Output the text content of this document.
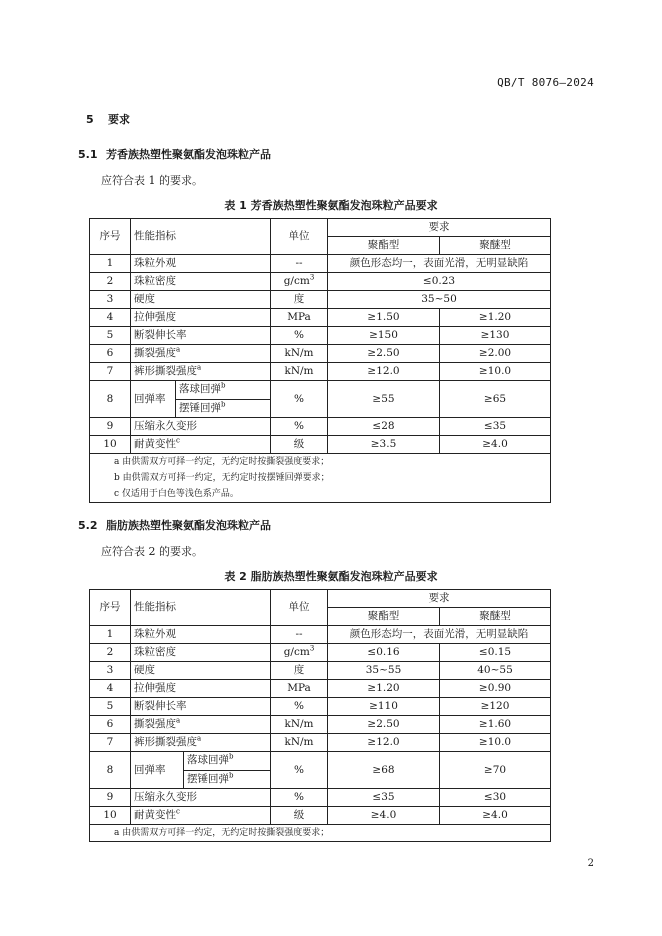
QB/T 8076—2024
5 要求
5.1 芳香族热塑性聚氨酯发泡珠粒产品
应符合表 1 的要求。
表 1 芳香族热塑性聚氨酯发泡珠粒产品要求
序号	性能指标		单位	要求	
				聚酯型	聚醚型
1	珠粒外观		--	颜色形态均一，表面光滑，无明显缺陷	
2	珠粒密度		$g/cm^3$	≤0.23	
3	硬度		度	35~50	
4	拉伸强度		MPa	≥1.50	≥1.20
5	断裂伸长率		%	≥150	≥130
6	撕裂强度$^a$		kN/m	≥2.50	≥2.00
7	裤形撕裂强度$^a$		kN/m	≥12.0	≥10.0
8	回弹率	落球回弹$^b$	%	≥55	≥65
		摆锤回弹$^b$
9	压缩永久变形		%	≤28	≤35
10	耐黄变性$^c$		级	≥3.5	≥4.0
a 由供需双方可择一约定，无约定时按撕裂强度要求；					
b 由供需双方可择一约定，无约定时按摆锤回弹要求；					
c 仅适用于白色等浅色系产品。					
5.2 脂肪族热塑性聚氨酯发泡珠粒产品
应符合表 2 的要求。
表 2 脂肪族热塑性聚氨酯发泡珠粒产品要求
序号	性能指标		单位	要求	
				聚酯型	聚醚型
1	珠粒外观		--	颜色形态均一，表面光滑，无明显缺陷	
2	珠粒密度		$g/cm^3$	≤0.16	≤0.15
3	硬度		度	35~55	40~55
4	拉伸强度		MPa	≥1.20	≥0.90
5	断裂伸长率		%	≥110	≥120
6	撕裂强度$^a$		kN/m	≥2.50	≥1.60
7	裤形撕裂强度$^a$		kN/m	≥12.0	≥10.0
8	回弹率	落球回弹$^b$	%	≥68	≥70
		摆锤回弹$^b$
9	压缩永久变形		%	≤35	≤30
10	耐黄变性$^c$		级	≥4.0	≥4.0
a 由供需双方可择一约定，无约定时按撕裂强度要求；					
2
